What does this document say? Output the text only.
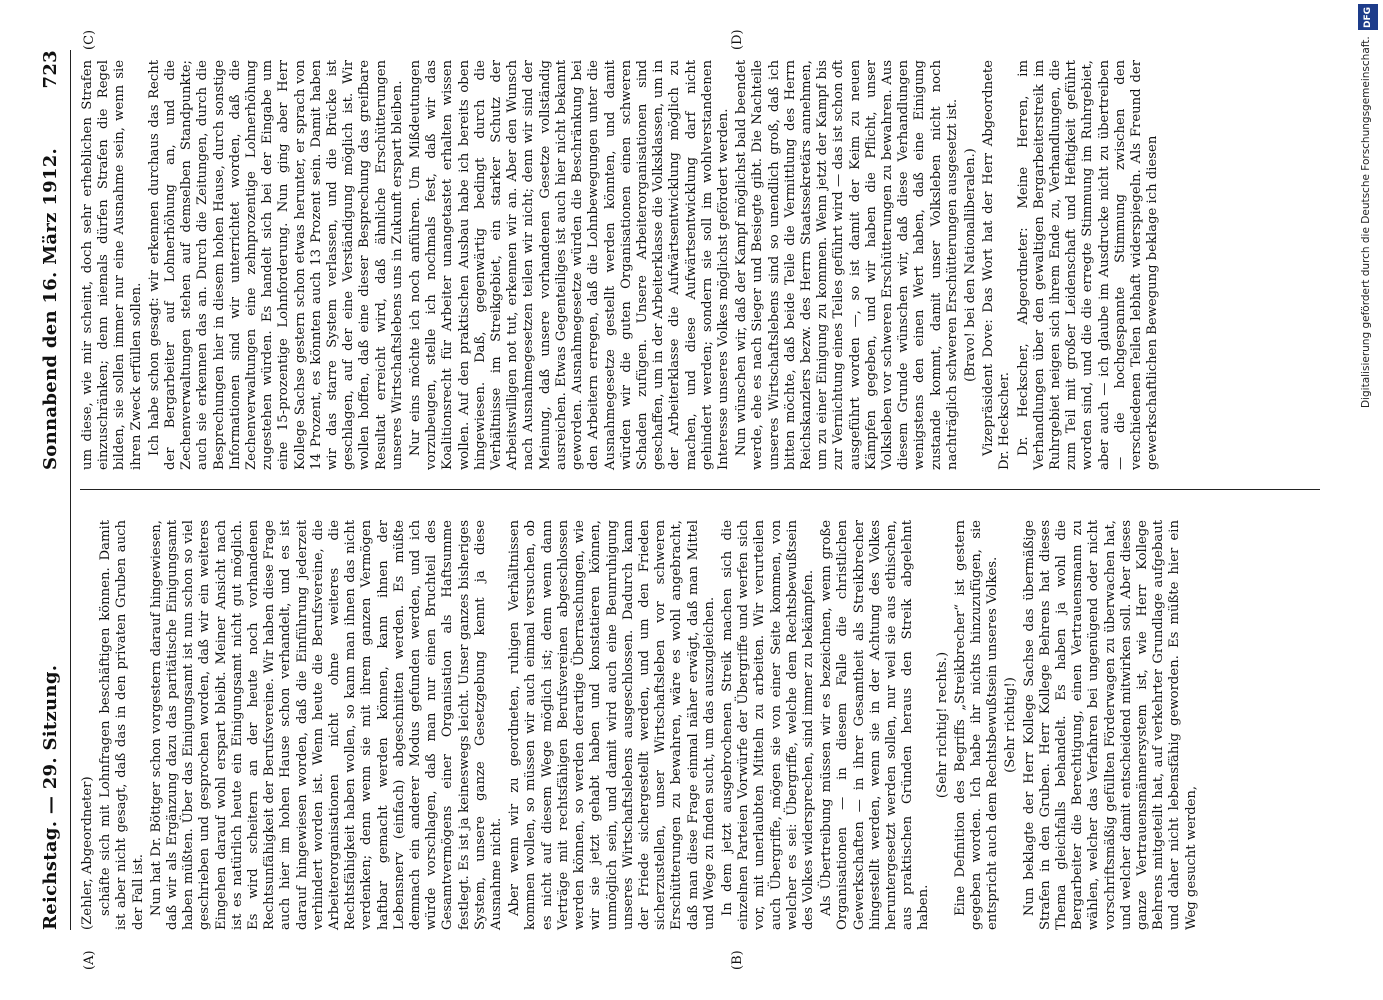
Reichstag. — 29. Sitzung.
Sonnabend den 16. März 1912.
723
(A)	(B)
(C)	(D)

(Zehler, Abgeordneter) schäfte sich mit Lohnfragen beschäftigen können. Damit ist aber nicht gesagt, daß das in den privaten Gruben auch der Fall ist. Nun hat Dr. Böttger schon vorgestern darauf hingewiesen, daß wir als Ergänzung dazu das paritätische Einigungsamt haben müßten. Über das Einigungsamt ist nun schon so viel geschrieben und gesprochen worden, daß wir ein weiteres Eingehen darauf wohl erspart bleibt. Meiner Ansicht nach ist es natürlich heute ein Einigungsamt nicht gut möglich. Es wird scheitern an der heute noch vorhandenen Rechtsunfähigkeit der Berufsvereine. Wir haben diese Frage auch hier im hohen Hause schon verhandelt, und es ist darauf hingewiesen worden, daß die Einführung jederzeit verhindert worden ist. Wenn heute die Berufsvereine, die Arbeiterorganisationen nicht ohne weiteres die Rechtsfähigkeit haben wollen, so kann man ihnen das nicht verdenken; denn wenn sie mit ihrem ganzen Vermögen haftbar gemacht werden können, kann ihnen der Lebensnerv (einfach) abgeschnitten werden. Es müßte demnach ein anderer Modus gefunden werden, und ich würde vorschlagen, daß man nur einen Bruchteil des Gesamtvermögens einer Organisation als Haftsumme festlegt. Es ist ja keineswegs leicht. Unser ganzes bisheriges System, unsere ganze Gesetzgebung kennt ja diese Ausnahme nicht. Aber wenn wir zu geordneten, ruhigen Verhältnissen kommen wollen, so müssen wir auch einmal versuchen, ob es nicht auf diesem Wege möglich ist; denn wenn dann Verträge mit rechtsfähigen Berufsvereinen abgeschlossen werden können, so werden derartige Überraschungen, wie wir sie jetzt gehabt haben und konstatieren können, unmöglich sein, und damit wird auch eine Beunruhigung unseres Wirtschaftslebens ausgeschlossen. Dadurch kann der Friede sichergestellt werden, und um den Frieden sicherzustellen, unser Wirtschaftsleben vor schweren Erschütterungen zu bewahren, wäre es wohl angebracht, daß man diese Frage einmal näher erwägt, daß man Mittel und Wege zu finden sucht, um das auszugleichen. In dem jetzt ausgebrochenen Streik machen sich die einzelnen Parteien Vorwürfe der Übergriffe und werfen sich vor, mit unerlaubten Mitteln zu arbeiten. Wir verurteilen auch Übergriffe, mögen sie von einer Seite kommen, von welcher es sei: Übergriffe, welche dem Rechtsbewußtsein des Volkes widersprechen, sind immer zu bekämpfen. Als Übertreibung müssen wir es bezeichnen, wenn große Organisationen — in diesem Falle die christlichen Gewerkschaften — in ihrer Gesamtheit als Streikbrecher hingestellt werden, wenn sie in der Achtung des Volkes heruntergesetzt werden sollen, nur weil sie aus ethischen, aus praktischen Gründen heraus den Streik abgelehnt haben.

(Sehr richtig! rechts.) Eine Definition des Begriffs „Streikbrecher“ ist gestern gegeben worden. Ich habe ihr nichts hinzuzufügen, sie entspricht auch dem Rechtsbewußtsein unseres Volkes. (Sehr richtig!) Nun beklagte der Herr Kollege Sachse das übermäßige Strafen in den Gruben. Herr Kollege Behrens hat dieses Thema gleichfalls behandelt. Es haben ja wohl die Bergarbeiter die Berechtigung, einen Vertrauensmann zu wählen, welcher das Verfahren bei ungenügend oder nicht vorschriftsmäßig gefüllten Förderwagen zu überwachen hat, und welcher damit entscheidend mitwirken soll. Aber dieses ganze Vertrauensmännersystem ist, wie Herr Kollege Behrens mitgeteilt hat, auf verkehrter Grundlage aufgebaut und daher nicht lebensfähig geworden. Es müßte hier ein Weg gesucht werden,

um diese, wie mir scheint, doch sehr erheblichen Strafen einzuschränken; denn niemals dürfen Strafen die Regel bilden, sie sollen immer nur eine Ausnahme sein, wenn sie ihren Zweck erfüllen sollen. Ich habe schon gesagt: wir erkennen durchaus das Recht der Bergarbeiter auf Lohnerhöhung an, und die Zechenverwaltungen stehen auf demselben Standpunkte; auch sie erkennen das an. Durch die Zeitungen, durch die Besprechungen hier in diesem hohen Hause, durch sonstige Informationen sind wir unterrichtet worden, daß die Zechenverwaltungen eine zehnprozentige Lohnerhöhung zugestehen würden. Es handelt sich bei der Eingabe um eine 15-prozentige Lohnforderung. Nun ging aber Herr Kollege Sachse gestern schon etwas herunter, er sprach von 14 Prozent, es könnten auch 13 Prozent sein. Damit haben wir das starre System verlassen, und die Brücke ist geschlagen, auf der eine Verständigung möglich ist. Wir wollen hoffen, daß eine dieser Besprechung das greifbare Resultat erreicht wird, daß ähnliche Erschütterungen unseres Wirtschaftslebens uns in Zukunft erspart bleiben. Nur eins möchte ich noch anführen. Um Mißdeutungen vorzubeugen, stelle ich nochmals fest, daß wir das Koalitionsrecht für Arbeiter unangetastet erhalten wissen wollen. Auf den praktischen Ausbau habe ich bereits oben hingewiesen. Daß, gegenwärtig bedingt durch die Verhältnisse im Streikgebiet, ein starker Schutz der Arbeitswilligen not tut, erkennen wir an. Aber den Wunsch nach Ausnahmegesetzen teilen wir nicht; denn wir sind der Meinung, daß unsere vorhandenen Gesetze vollständig ausreichen. Etwas Gegenteiliges ist auch hier nicht bekannt geworden. Ausnahmegesetze würden die Beschränkung bei den Arbeitern erregen, daß die Lohnbewegungen unter die Ausnahmegesetze gestellt werden könnten, und damit würden wir die guten Organisationen einen schweren Schaden zufügen. Unsere Arbeiterorganisationen sind geschaffen, um in der Arbeiterklasse die Volksklassen, um in der Arbeiterklasse die Aufwärtsentwicklung möglich zu machen, und diese Aufwärtsentwicklung darf nicht gehindert werden; sondern sie soll im wohlverstandenen Interesse unseres Volkes möglichst gefördert werden. Nun wünschen wir, daß der Kampf möglichst bald beendet werde, ehe es nach Sieger und Besiegte gibt. Die Nachteile unseres Wirtschaftslebens sind so unendlich groß, daß ich bitten möchte, daß beide Teile die Vermittlung des Herrn Reichskanzlers bezw. des Herrn Staatssekretärs annehmen, um zu einer Einigung zu kommen. Wenn jetzt der Kampf bis zur Vernichtung eines Teiles geführt wird — das ist schon oft ausgeführt worden —, so ist damit der Keim zu neuen Kämpfen gegeben, und wir haben die Pflicht, unser Volksleben vor schweren Erschütterungen zu bewahren. Aus diesem Grunde wünschen wir, daß diese Verhandlungen wenigstens den einen Wert haben, daß eine Einigung zustande kommt, damit unser Volksleben nicht noch nachträglich schweren Erschütterungen ausgesetzt ist. (Bravo! bei den Nationalliberalen.) Vizepräsident Dove: Das Wort hat der Herr Abgeordnete Dr. Heckscher. Dr. Heckscher, Abgeordneter: Meine Herren, im Verhandlungen über den gewaltigen Bergarbeiterstreik im Ruhrgebiet neigen sich ihrem Ende zu, Verhandlungen, die zum Teil mit großer Leidenschaft und Heftigkeit geführt worden sind, und die die erregte Stimmung im Ruhrgebiet, aber auch — ich glaube im Ausdrucke nicht zu übertreiben — die hochgespannte Stimmung zwischen den verschiedenen Teilen lebhaft widerspiegeln. Als Freund der gewerkschaftlichen Bewegung beklage ich diesen

DFG
Digitalisierung gefördert durch die Deutsche Forschungsgemeinschaft.
